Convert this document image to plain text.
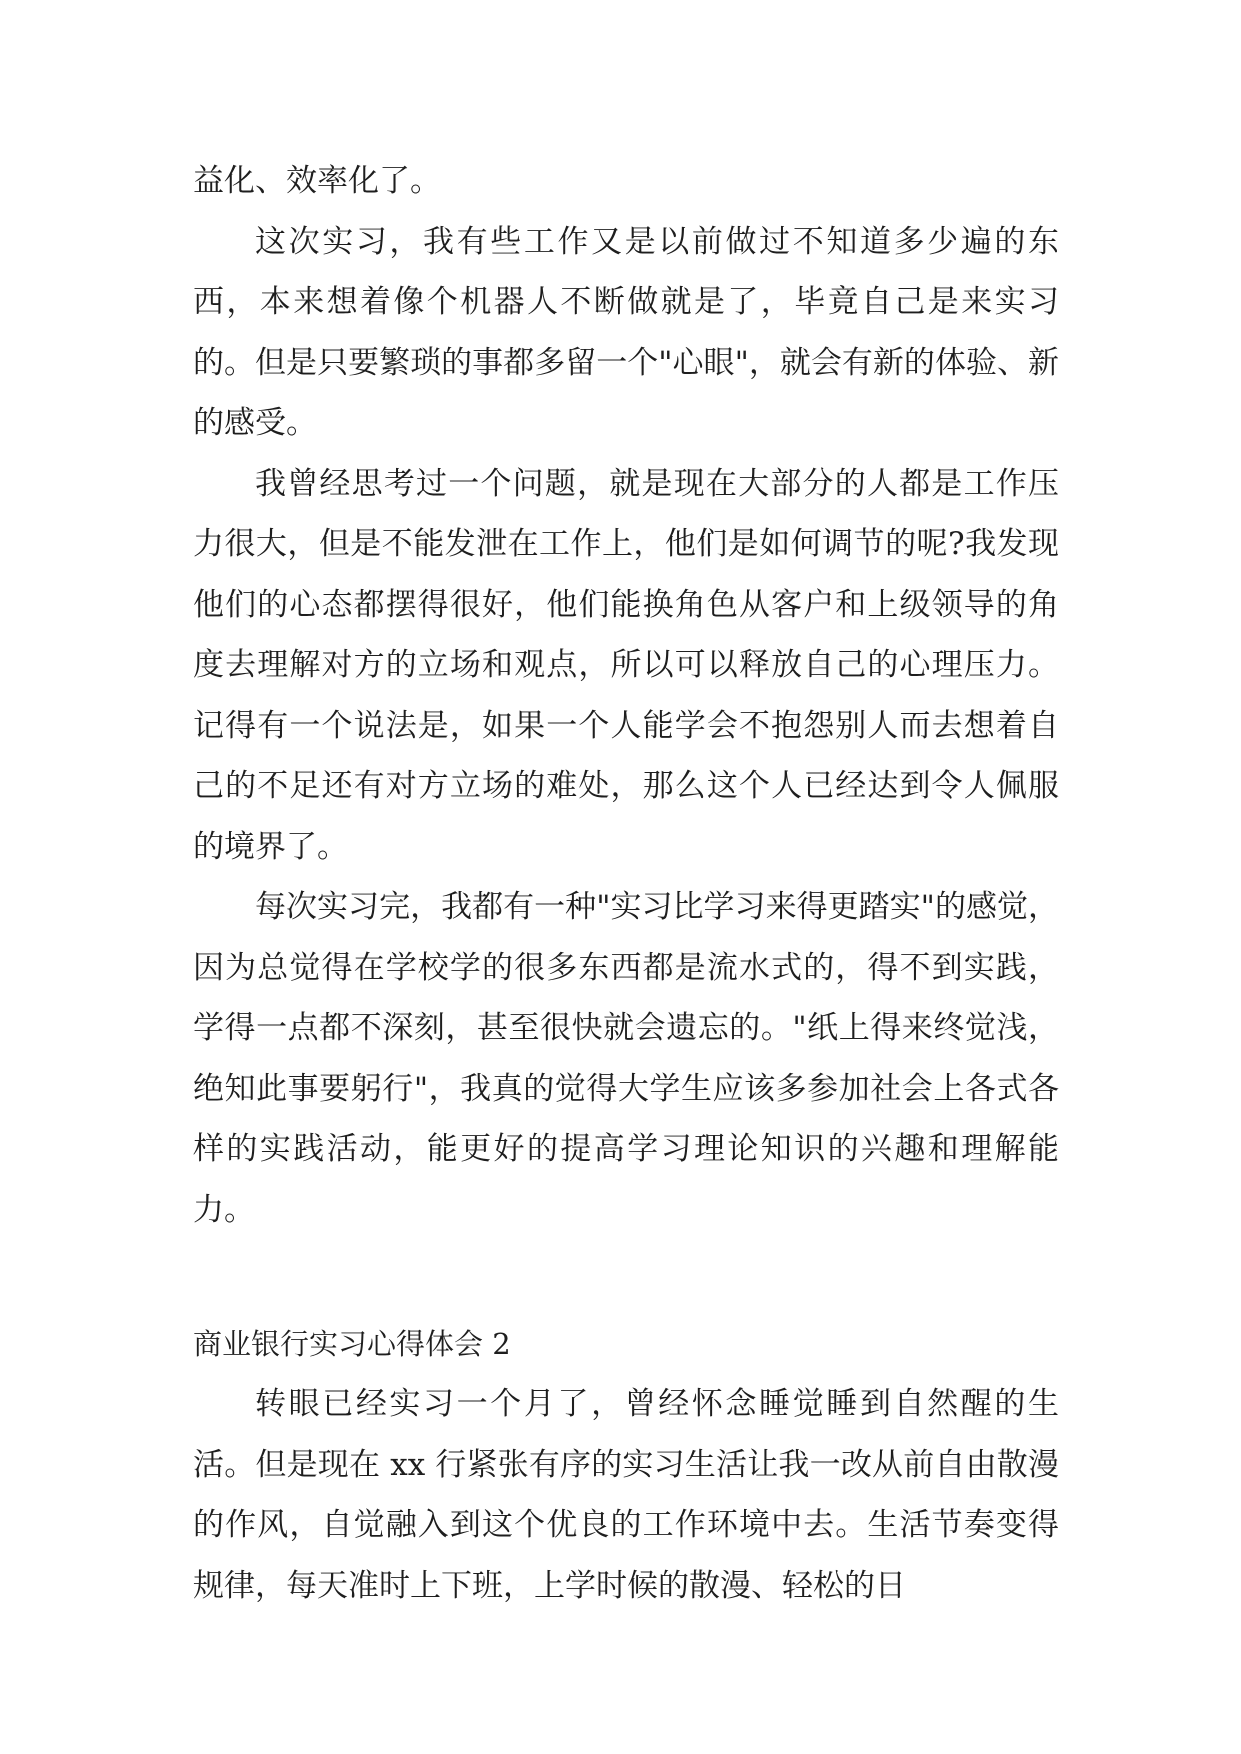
益化、效率化了。

这次实习，我有些工作又是以前做过不知道多少遍的东西，本来想着像个机器人不断做就是了，毕竟自己是来实习的。但是只要繁琐的事都多留一个"心眼"，就会有新的体验、新的感受。

我曾经思考过一个问题，就是现在大部分的人都是工作压力很大，但是不能发泄在工作上，他们是如何调节的呢?我发现他们的心态都摆得很好，他们能换角色从客户和上级领导的角度去理解对方的立场和观点，所以可以释放自己的心理压力。记得有一个说法是，如果一个人能学会不抱怨别人而去想着自己的不足还有对方立场的难处，那么这个人已经达到令人佩服的境界了。

每次实习完，我都有一种"实习比学习来得更踏实"的感觉，因为总觉得在学校学的很多东西都是流水式的，得不到实践，学得一点都不深刻，甚至很快就会遗忘的。"纸上得来终觉浅，绝知此事要躬行"，我真的觉得大学生应该多参加社会上各式各样的实践活动，能更好的提高学习理论知识的兴趣和理解能力。

商业银行实习心得体会 2

转眼已经实习一个月了，曾经怀念睡觉睡到自然醒的生活。但是现在 xx 行紧张有序的实习生活让我一改从前自由散漫的作风，自觉融入到这个优良的工作环境中去。生活节奏变得规律，每天准时上下班，上学时候的散漫、轻松的日
